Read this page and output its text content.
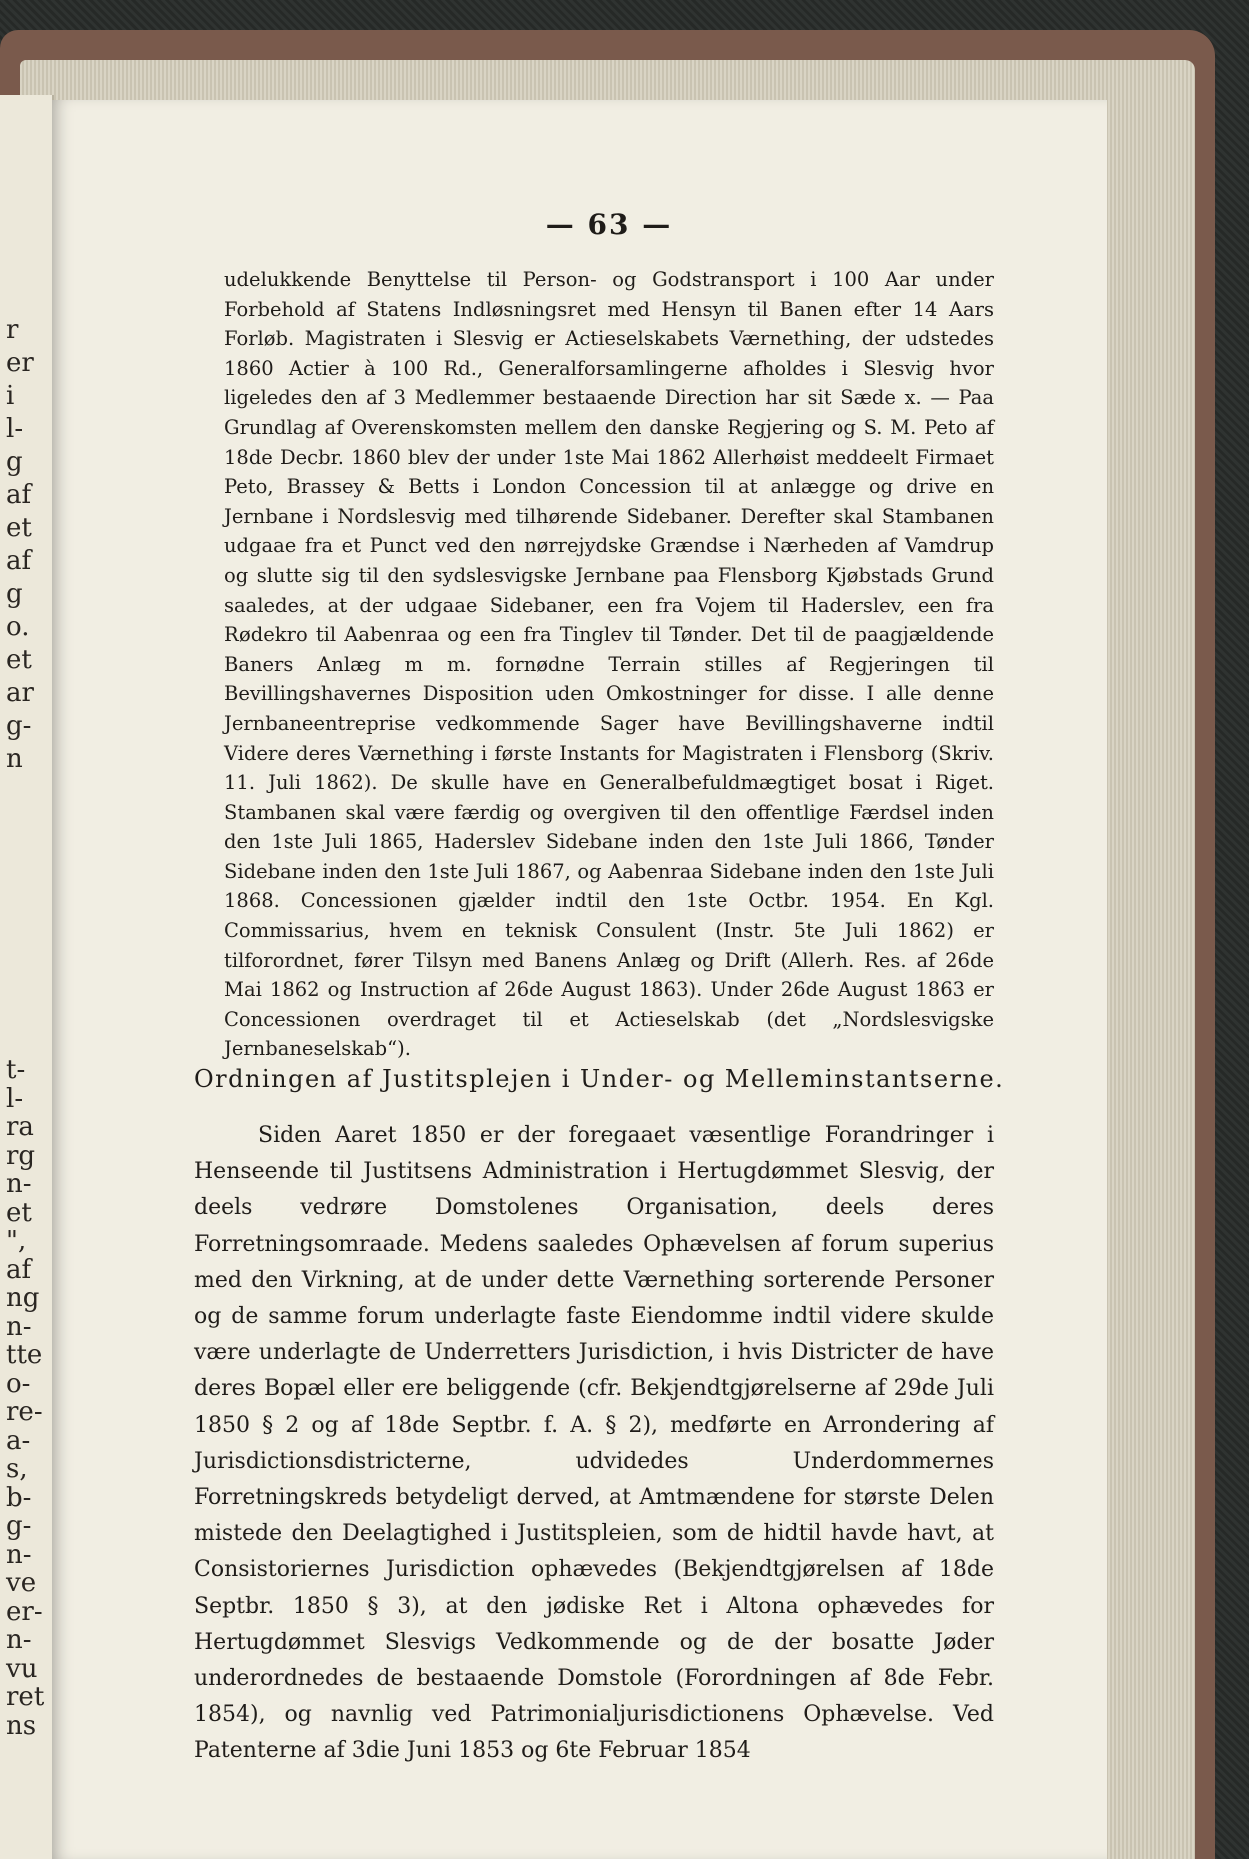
r
er
i
l-
g
af
et
af
g
o.
et
ar
g-
n
t-
l-
ra
rg
n-
et
",
af
ng
n-
tte
o-
re-
a-
s,
b-
g-
n-
ve
er-
n-
vu
ret
ns
— 63 —

udelukkende Benyttelse til Person- og Godstransport i 100 Aar under Forbehold af Statens Indløsningsret med Hensyn til Banen efter 14 Aars Forløb. Magistraten i Slesvig er Actieselskabets Værnething, der udstedes 1860 Actier à 100 Rd., Generalforsamlingerne afholdes i Slesvig hvor ligeledes den af 3 Medlemmer bestaaende Direction har sit Sæde x. — Paa Grundlag af Overenskomsten mellem den danske Regjering og S. M. Peto af 18de Decbr. 1860 blev der under 1ste Mai 1862 Allerhøist meddeelt Firmaet Peto, Brassey & Betts i London Concession til at anlægge og drive en Jernbane i Nordslesvig med tilhørende Sidebaner. Derefter skal Stambanen udgaae fra et Punct ved den nørrejydske Grændse i Nærheden af Vamdrup og slutte sig til den sydslesvigske Jernbane paa Flensborg Kjøbstads Grund saaledes, at der udgaae Sidebaner, een fra Vojem til Haderslev, een fra Rødekro til Aabenraa og een fra Tinglev til Tønder. Det til de paagjældende Baners Anlæg m m. fornødne Terrain stilles af Regjeringen til Bevillingshavernes Disposition uden Omkostninger for disse. I alle denne Jernbaneentreprise vedkommende Sager have Bevillingshaverne indtil Videre deres Værnething i første Instants for Magistraten i Flensborg (Skriv. 11. Juli 1862). De skulle have en Generalbefuldmægtiget bosat i Riget. Stambanen skal være færdig og overgiven til den offentlige Færdsel inden den 1ste Juli 1865, Haderslev Sidebane inden den 1ste Juli 1866, Tønder Sidebane inden den 1ste Juli 1867, og Aabenraa Sidebane inden den 1ste Juli 1868. Concessionen gjælder indtil den 1ste Octbr. 1954. En Kgl. Commissarius, hvem en teknisk Consulent (Instr. 5te Juli 1862) er tilforordnet, fører Tilsyn med Banens Anlæg og Drift (Allerh. Res. af 26de Mai 1862 og Instruction af 26de August 1863). Under 26de August 1863 er Concessionen overdraget til et Actieselskab (det „Nordslesvigske Jernbaneselskab“).

Ordningen af Justitsplejen i Under- og Melleminstantserne.

Siden Aaret 1850 er der foregaaet væsentlige Forandringer i Henseende til Justitsens Administration i Hertugdømmet Slesvig, der deels vedrøre Domstolenes Organisation, deels deres Forretningsomraade. Medens saaledes Ophævelsen af forum superius med den Virkning, at de under dette Værnething sorterende Personer og de samme forum underlagte faste Eiendomme indtil videre skulde være underlagte de Underretters Jurisdiction, i hvis Districter de have deres Bopæl eller ere beliggende (cfr. Bekjendtgjørelserne af 29de Juli 1850 § 2 og af 18de Septbr. f. A. § 2), medførte en Arrondering af Jurisdictionsdistricterne, udvidedes Underdommernes Forretningskreds betydeligt derved, at Amtmændene for største Delen mistede den Deelagtighed i Justitspleien, som de hidtil havde havt, at Consistoriernes Jurisdiction ophævedes (Bekjendtgjørelsen af 18de Septbr. 1850 § 3), at den jødiske Ret i Altona ophævedes for Hertugdømmet Slesvigs Vedkommende og de der bosatte Jøder underordnedes de bestaaende Domstole (Forordningen af 8de Febr. 1854), og navnlig ved Patrimonialjurisdictionens Ophævelse. Ved Patenterne af 3die Juni 1853 og 6te Februar 1854
